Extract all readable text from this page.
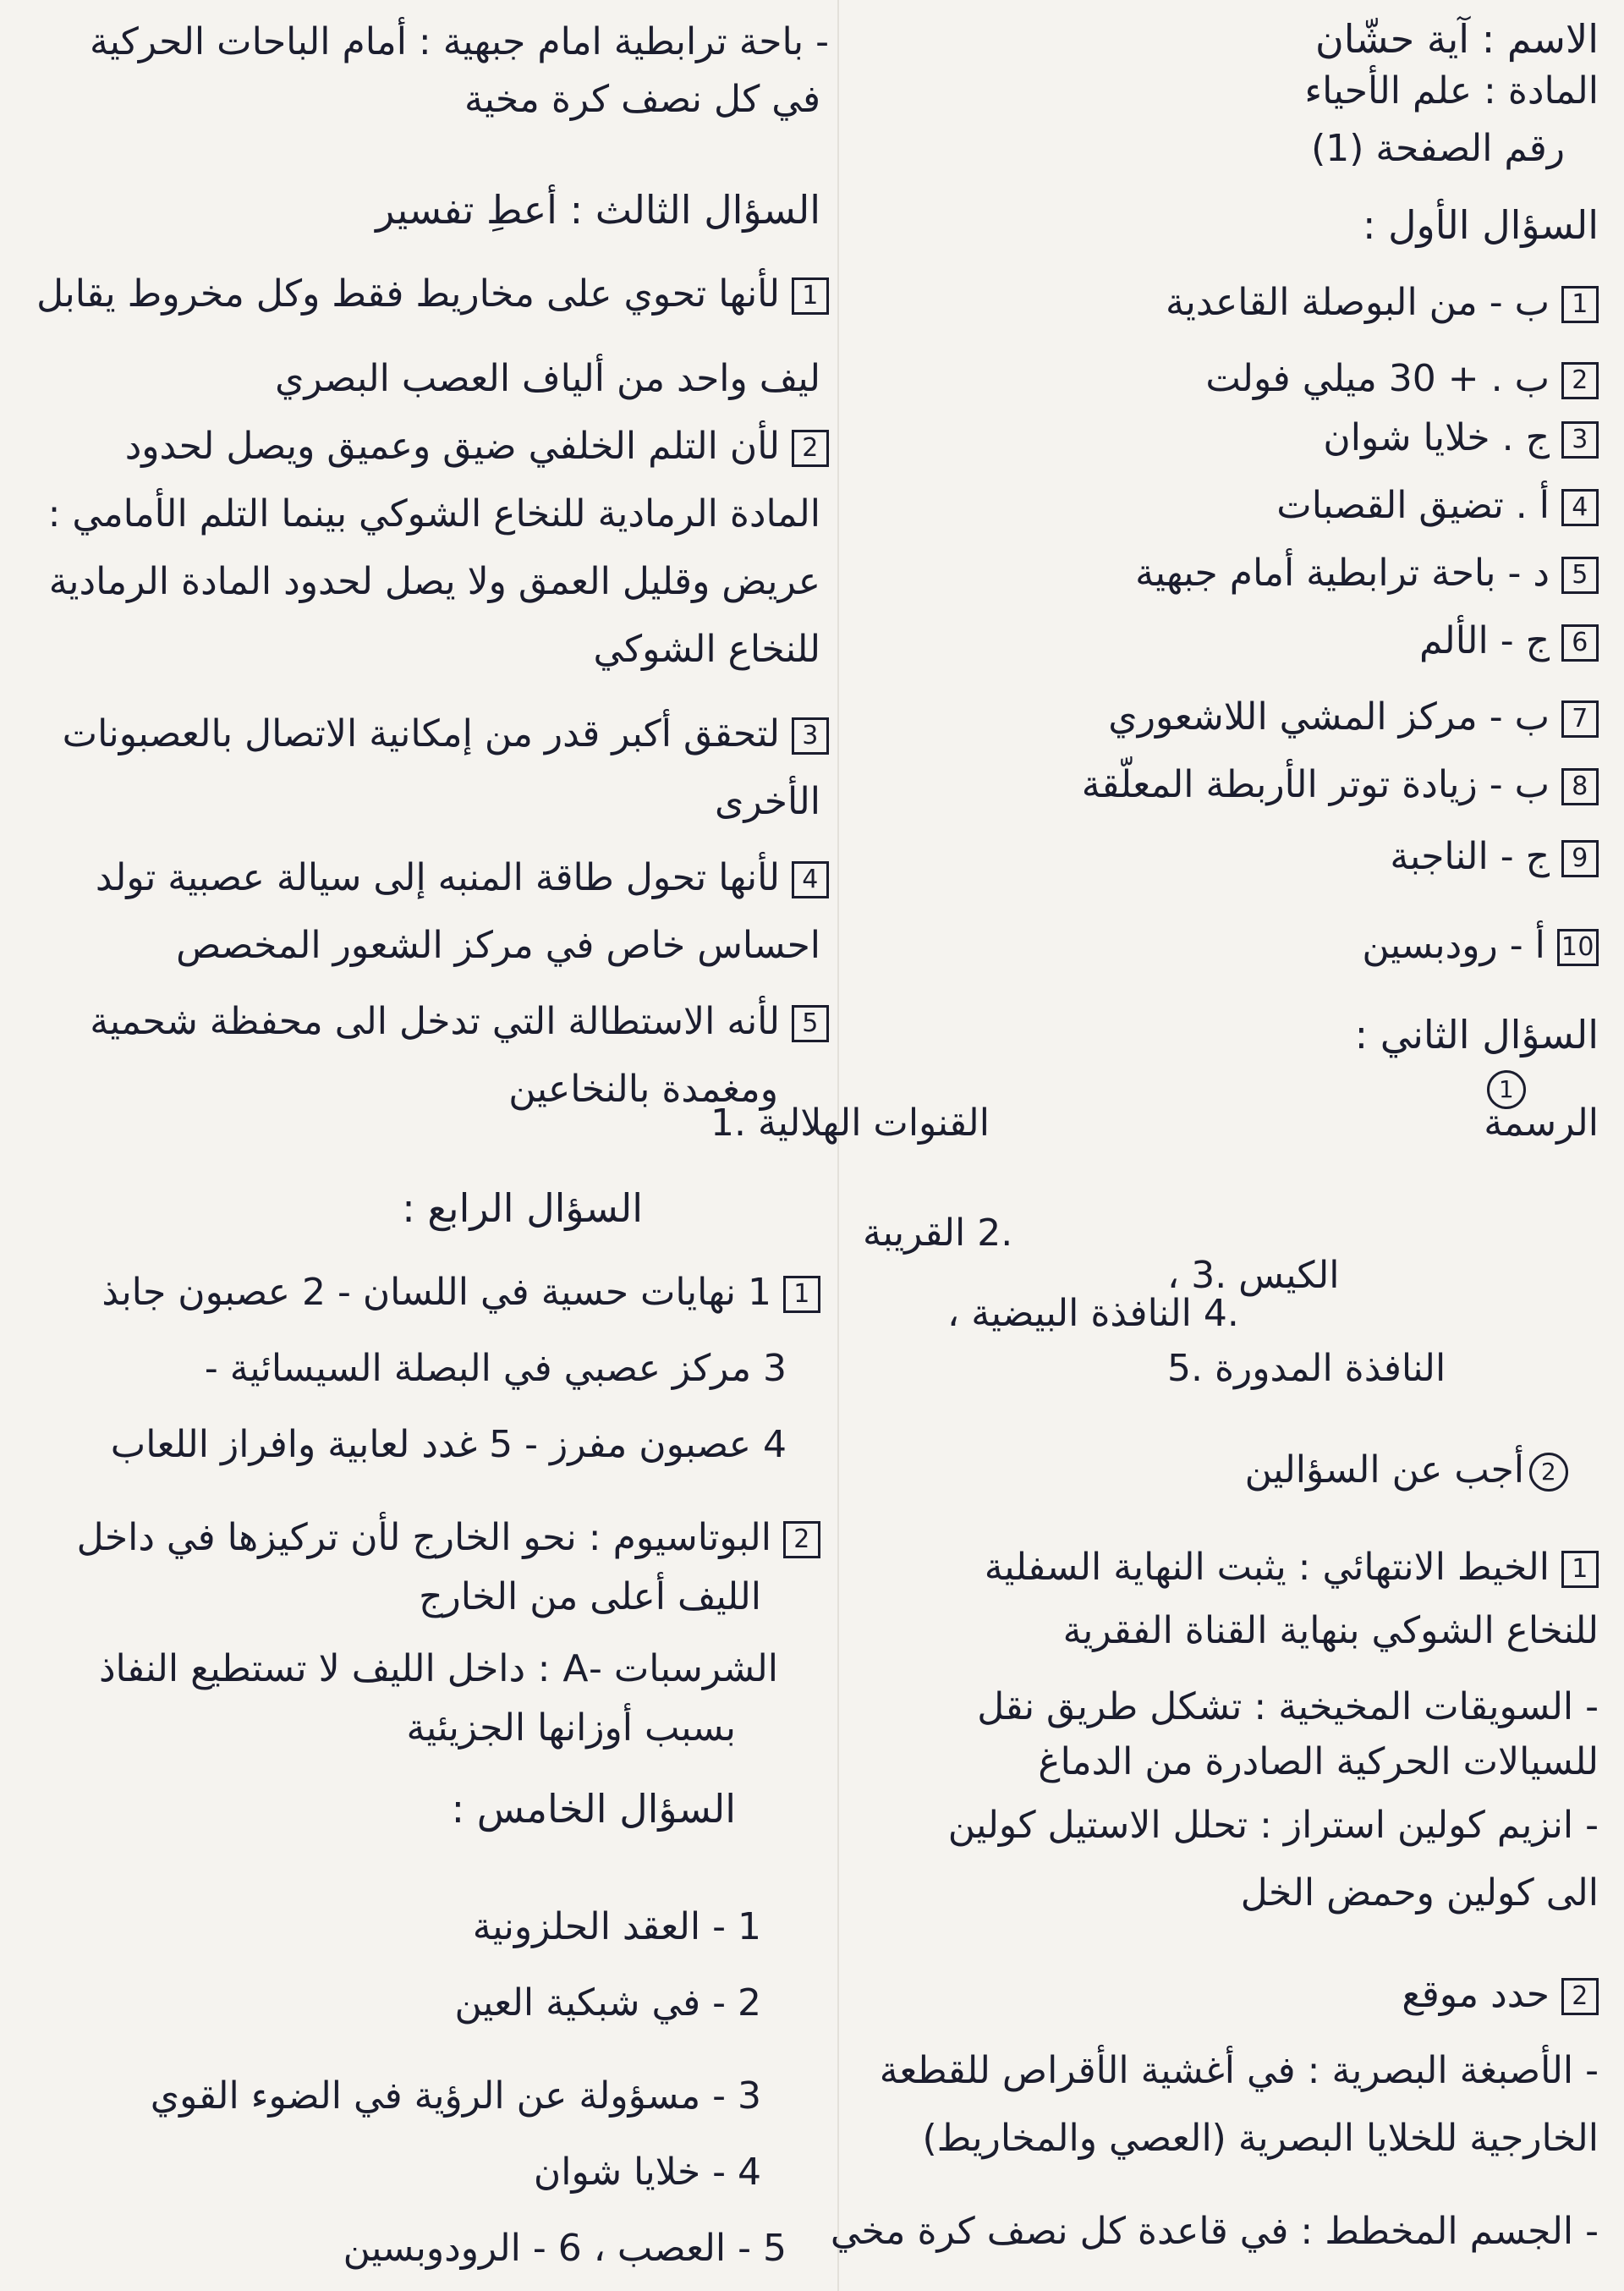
الاسم : آية حشّان
المادة : علم الأحياء
رقم الصفحة (1)
السؤال الأول :
1ب - من البوصلة القاعدية
2ب . + 30 ميلي فولت
3ج . خلايا شوان
4أ . تضيق القصبات
5د - باحة ترابطية أمام جبهية
6ج - الألم
7ب - مركز المشي اللاشعوري
8ب - زيادة توتر الأربطة المعلّقة
9ج - الناجبة
10أ - رودبسين
السؤال الثاني :
1
الرسمة
القنوات الهلالية .1
.2 القريبة
الكيس .3 ،
.4 النافذة البيضية ،
النافذة المدورة .5
2أجب عن السؤالين
1الخيط الانتهائي : يثبت النهاية السفلية
للنخاع الشوكي بنهاية القناة الفقرية
- السويقات المخيخية : تشكل طريق نقل
للسيالات الحركية الصادرة من الدماغ
- انزيم كولين استراز : تحلل الاستيل كولين
الى كولين وحمض الخل
2حدد موقع
- الأصبغة البصرية : في أغشية الأقراص للقطعة
الخارجية للخلايا البصرية (العصي والمخاريط)
- الجسم المخطط : في قاعدة كل نصف كرة مخي
- باحة ترابطية امام جبهية : أمام الباحات الحركية
في كل نصف كرة مخية
السؤال الثالث : أعطِ تفسير
1لأنها تحوي على مخاريط فقط وكل مخروط يقابل
ليف واحد من ألياف العصب البصري
2لأن التلم الخلفي ضيق وعميق ويصل لحدود
المادة الرمادية للنخاع الشوكي بينما التلم الأمامي :
عريض وقليل العمق ولا يصل لحدود المادة الرمادية
للنخاع الشوكي
3لتحقق أكبر قدر من إمكانية الاتصال بالعصبونات
الأخرى
4لأنها تحول طاقة المنبه إلى سيالة عصبية تولد
احساس خاص في مركز الشعور المخصص
5لأنه الاستطالة التي تدخل الى محفظة شحمية
ومغمدة بالنخاعين
السؤال الرابع :
11 نهايات حسية في اللسان - 2 عصبون جابذ
3 مركز عصبي في البصلة السيسائية -
4 عصبون مفرز - 5 غدد لعابية وافراز اللعاب
2البوتاسيوم : نحو الخارج لأن تركيزها في داخل
الليف أعلى من الخارج
الشرسبات -A : داخل الليف لا تستطيع النفاذ
بسبب أوزانها الجزيئية
السؤال الخامس :
1 - العقد الحلزونية
2 - في شبكية العين
3 - مسؤولة عن الرؤية في الضوء القوي
4 - خلايا شوان
5 - العصب ، 6 - الرودوبسين
